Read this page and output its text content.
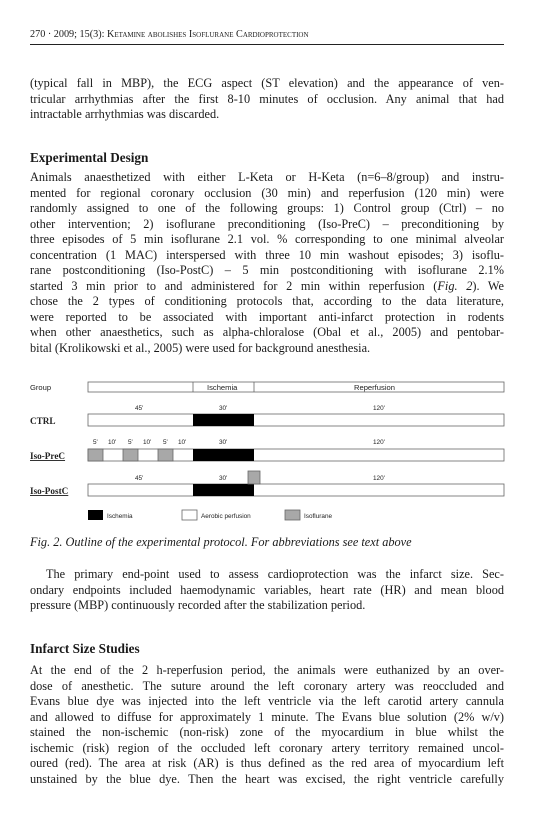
270 · 2009; 15(3): Ketamine abolishes Isoflurane Cardioprotection
(typical fall in MBP), the ECG aspect (ST elevation) and the appearance of ven-
tricular arrhythmias after the first 8-10 minutes of occlusion. Any animal that had
intractable arrhythmias was discarded.
Experimental Design
Animals anaesthetized with either L-Keta or H-Keta (n=6–8/group) and instru-
mented for regional coronary occlusion (30 min) and reperfusion (120 min) were
randomly assigned to one of the following groups: 1) Control group (Ctrl) – no
other intervention; 2) isoflurane preconditioning (Iso-PreC) – preconditioning by
three episodes of 5 min isoflurane 2.1 vol. % corresponding to one minimal alveolar
concentration (1 MAC) interspersed with three 10 min washout episodes; 3) isoflu-
rane postconditioning (Iso-PostC) – 5 min postconditioning with isoflurane 2.1%
started 3 min prior to and administered for 2 min within reperfusion (Fig. 2). We
chose the 2 types of conditioning protocols that, according to the data literature,
were reported to be associated with important anti-infarct protection in rodents
when other anaesthetics, such as alpha-chloralose (Obal et al., 2005) and pentobar-
bital (Krolikowski et al., 2005) were used for background anesthesia.
Group	Ischemia	Reperfusion
45'	30'	120'
5' 10' 5' 10' 5' 10'	30'	120'
45'	30'	120'
CTRL
Iso-PreC
Iso-PostC
Ischemia	Aerobic perfusion	Isoflurane
Fig. 2. Outline of the experimental protocol. For abbreviations see text above
The primary end-point used to assess cardioprotection was the infarct size. Sec-
ondary endpoints included haemodynamic variables, heart rate (HR) and mean blood
pressure (MBP) continuously recorded after the stabilization period.
Infarct Size Studies
At the end of the 2 h-reperfusion period, the animals were euthanized by an over-
dose of anesthetic. The suture around the left coronary artery was reoccluded and
Evans blue dye was injected into the left ventricle via the left carotid artery cannula
and allowed to diffuse for approximately 1 minute. The Evans blue solution (2% w/v)
stained the non-ischemic (non-risk) zone of the myocardium in blue whilst the
ischemic (risk) region of the occluded left coronary artery territory remained uncol-
oured (red). The area at risk (AR) is thus defined as the red area of myocardium left
unstained by the blue dye. Then the heart was excised, the right ventricle carefully
